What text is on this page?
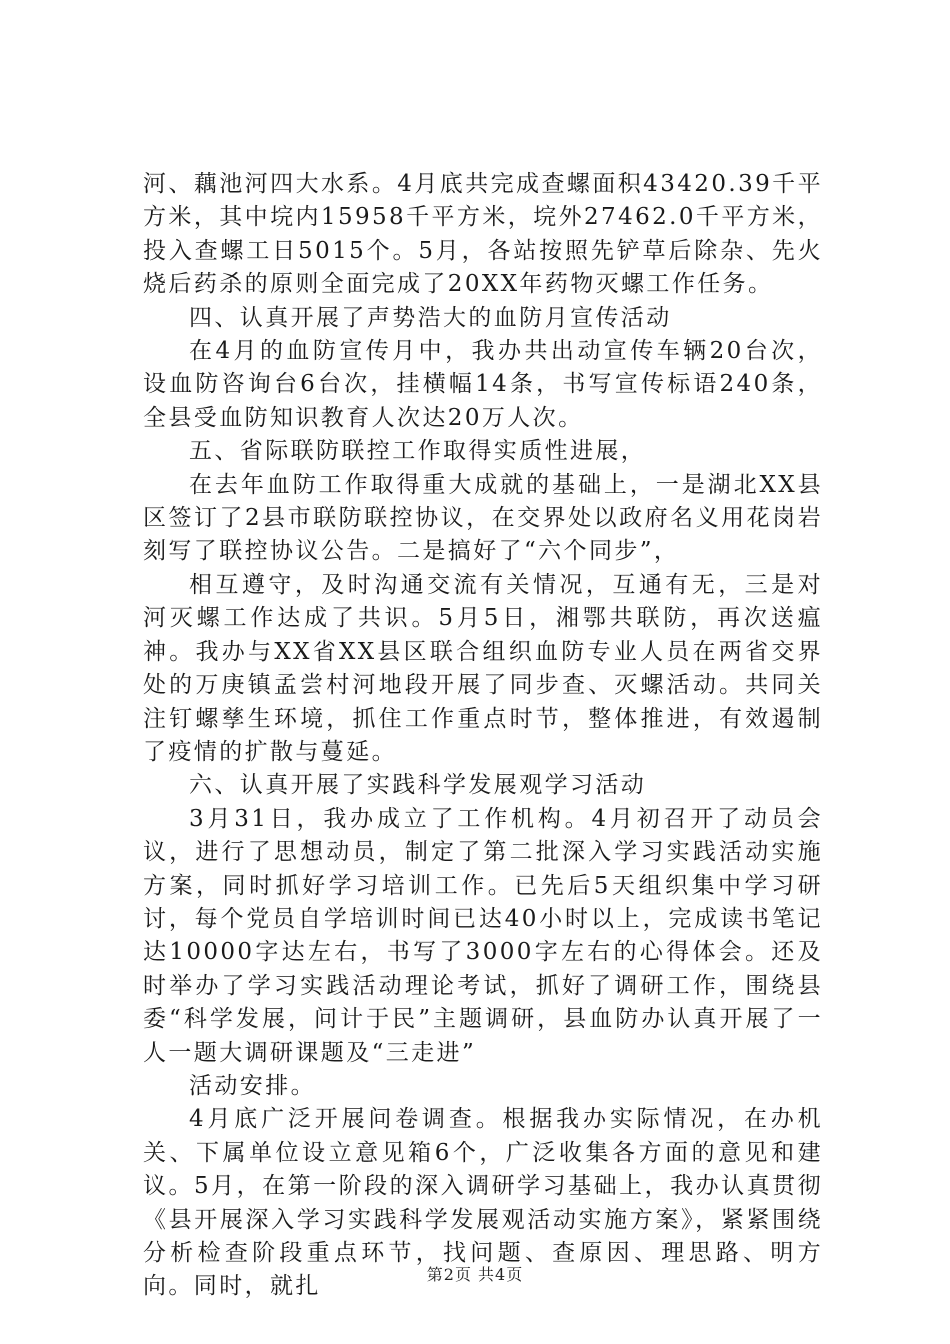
河、藕池河四大水系。4月底共完成查螺面积43420.39千平方米，其中垸内15958千平方米，垸外27462.0千平方米，投入查螺工日5015个。5月，各站按照先铲草后除杂、先火烧后药杀的原则全面完成了20XX年药物灭螺工作任务。

四、认真开展了声势浩大的血防月宣传活动

在4月的血防宣传月中，我办共出动宣传车辆20台次，设血防咨询台6台次，挂横幅14条，书写宣传标语240条，全县受血防知识教育人次达20万人次。

五、省际联防联控工作取得实质性进展，

在去年血防工作取得重大成就的基础上，一是湖北XX县区签订了2县市联防联控协议，在交界处以政府名义用花岗岩刻写了联控协议公告。二是搞好了“六个同步”，

相互遵守，及时沟通交流有关情况，互通有无，三是对河灭螺工作达成了共识。5月5日，湘鄂共联防，再次送瘟神。我办与XX省XX县区联合组织血防专业人员在两省交界处的万庚镇孟尝村河地段开展了同步查、灭螺活动。共同关注钉螺孳生环境，抓住工作重点时节，整体推进，有效遏制了疫情的扩散与蔓延。

六、认真开展了实践科学发展观学习活动

3月31日，我办成立了工作机构。4月初召开了动员会议，进行了思想动员，制定了第二批深入学习实践活动实施方案，同时抓好学习培训工作。已先后5天组织集中学习研讨，每个党员自学培训时间已达40小时以上，完成读书笔记达10000字达左右，书写了3000字左右的心得体会。还及时举办了学习实践活动理论考试，抓好了调研工作，围绕县委“科学发展，问计于民”主题调研，县血防办认真开展了一人一题大调研课题及“三走进”

活动安排。

4月底广泛开展问卷调查。根据我办实际情况，在办机关、下属单位设立意见箱6个，广泛收集各方面的意见和建议。5月，在第一阶段的深入调研学习基础上，我办认真贯彻《县开展深入学习实践科学发展观活动实施方案》，紧紧围绕分析检查阶段重点环节，找问题、查原因、理思路、明方向。同时，就扎	第2页 共4页
